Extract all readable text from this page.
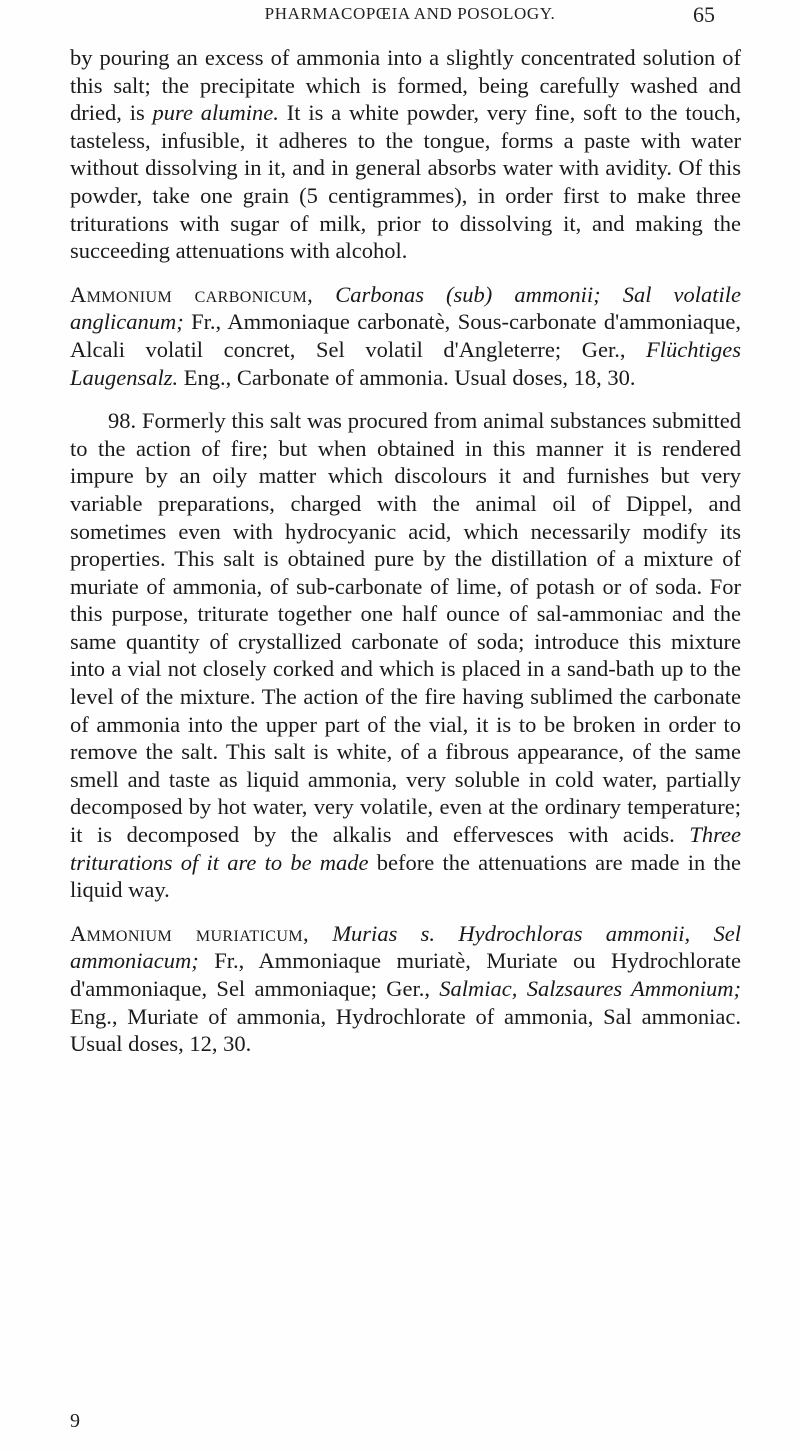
PHARMACOPŒIA AND POSOLOGY.	65

by pouring an excess of ammonia into a slightly concentrated solution of this salt; the precipitate which is formed, being carefully washed and dried, is pure alumine. It is a white powder, very fine, soft to the touch, tasteless, infusible, it adheres to the tongue, forms a paste with water without dissolving in it, and in general absorbs water with avidity. Of this powder, take one grain (5 centigrammes), in order first to make three triturations with sugar of milk, prior to dissolving it, and making the succeeding attenuations with alcohol.

Ammonium carbonicum, Carbonas (sub) ammonii; Sal volatile anglicanum; Fr., Ammoniaque carbonatè, Sous-carbonate d'ammoniaque, Alcali volatil concret, Sel volatil d'Angleterre; Ger., Flüchtiges Laugensalz. Eng., Carbonate of ammonia. Usual doses, 18, 30.

98. Formerly this salt was procured from animal substances submitted to the action of fire; but when obtained in this manner it is rendered impure by an oily matter which discolours it and furnishes but very variable preparations, charged with the animal oil of Dippel, and sometimes even with hydrocyanic acid, which necessarily modify its properties. This salt is obtained pure by the distillation of a mixture of muriate of ammonia, of sub-carbonate of lime, of potash or of soda. For this purpose, triturate together one half ounce of sal-ammoniac and the same quantity of crystallized carbonate of soda; introduce this mixture into a vial not closely corked and which is placed in a sand-bath up to the level of the mixture. The action of the fire having sublimed the carbonate of ammonia into the upper part of the vial, it is to be broken in order to remove the salt. This salt is white, of a fibrous appearance, of the same smell and taste as liquid ammonia, very soluble in cold water, partially decomposed by hot water, very volatile, even at the ordinary temperature; it is decomposed by the alkalis and effervesces with acids. Three triturations of it are to be made before the attenuations are made in the liquid way.

Ammonium muriaticum, Murias s. Hydrochloras ammonii, Sel ammoniacum; Fr., Ammoniaque muriatè, Muriate ou Hydrochlorate d'ammoniaque, Sel ammoniaque; Ger., Salmiac, Salzsaures Ammonium; Eng., Muriate of ammonia, Hydrochlorate of ammonia, Sal ammoniac. Usual doses, 12, 30.

9
